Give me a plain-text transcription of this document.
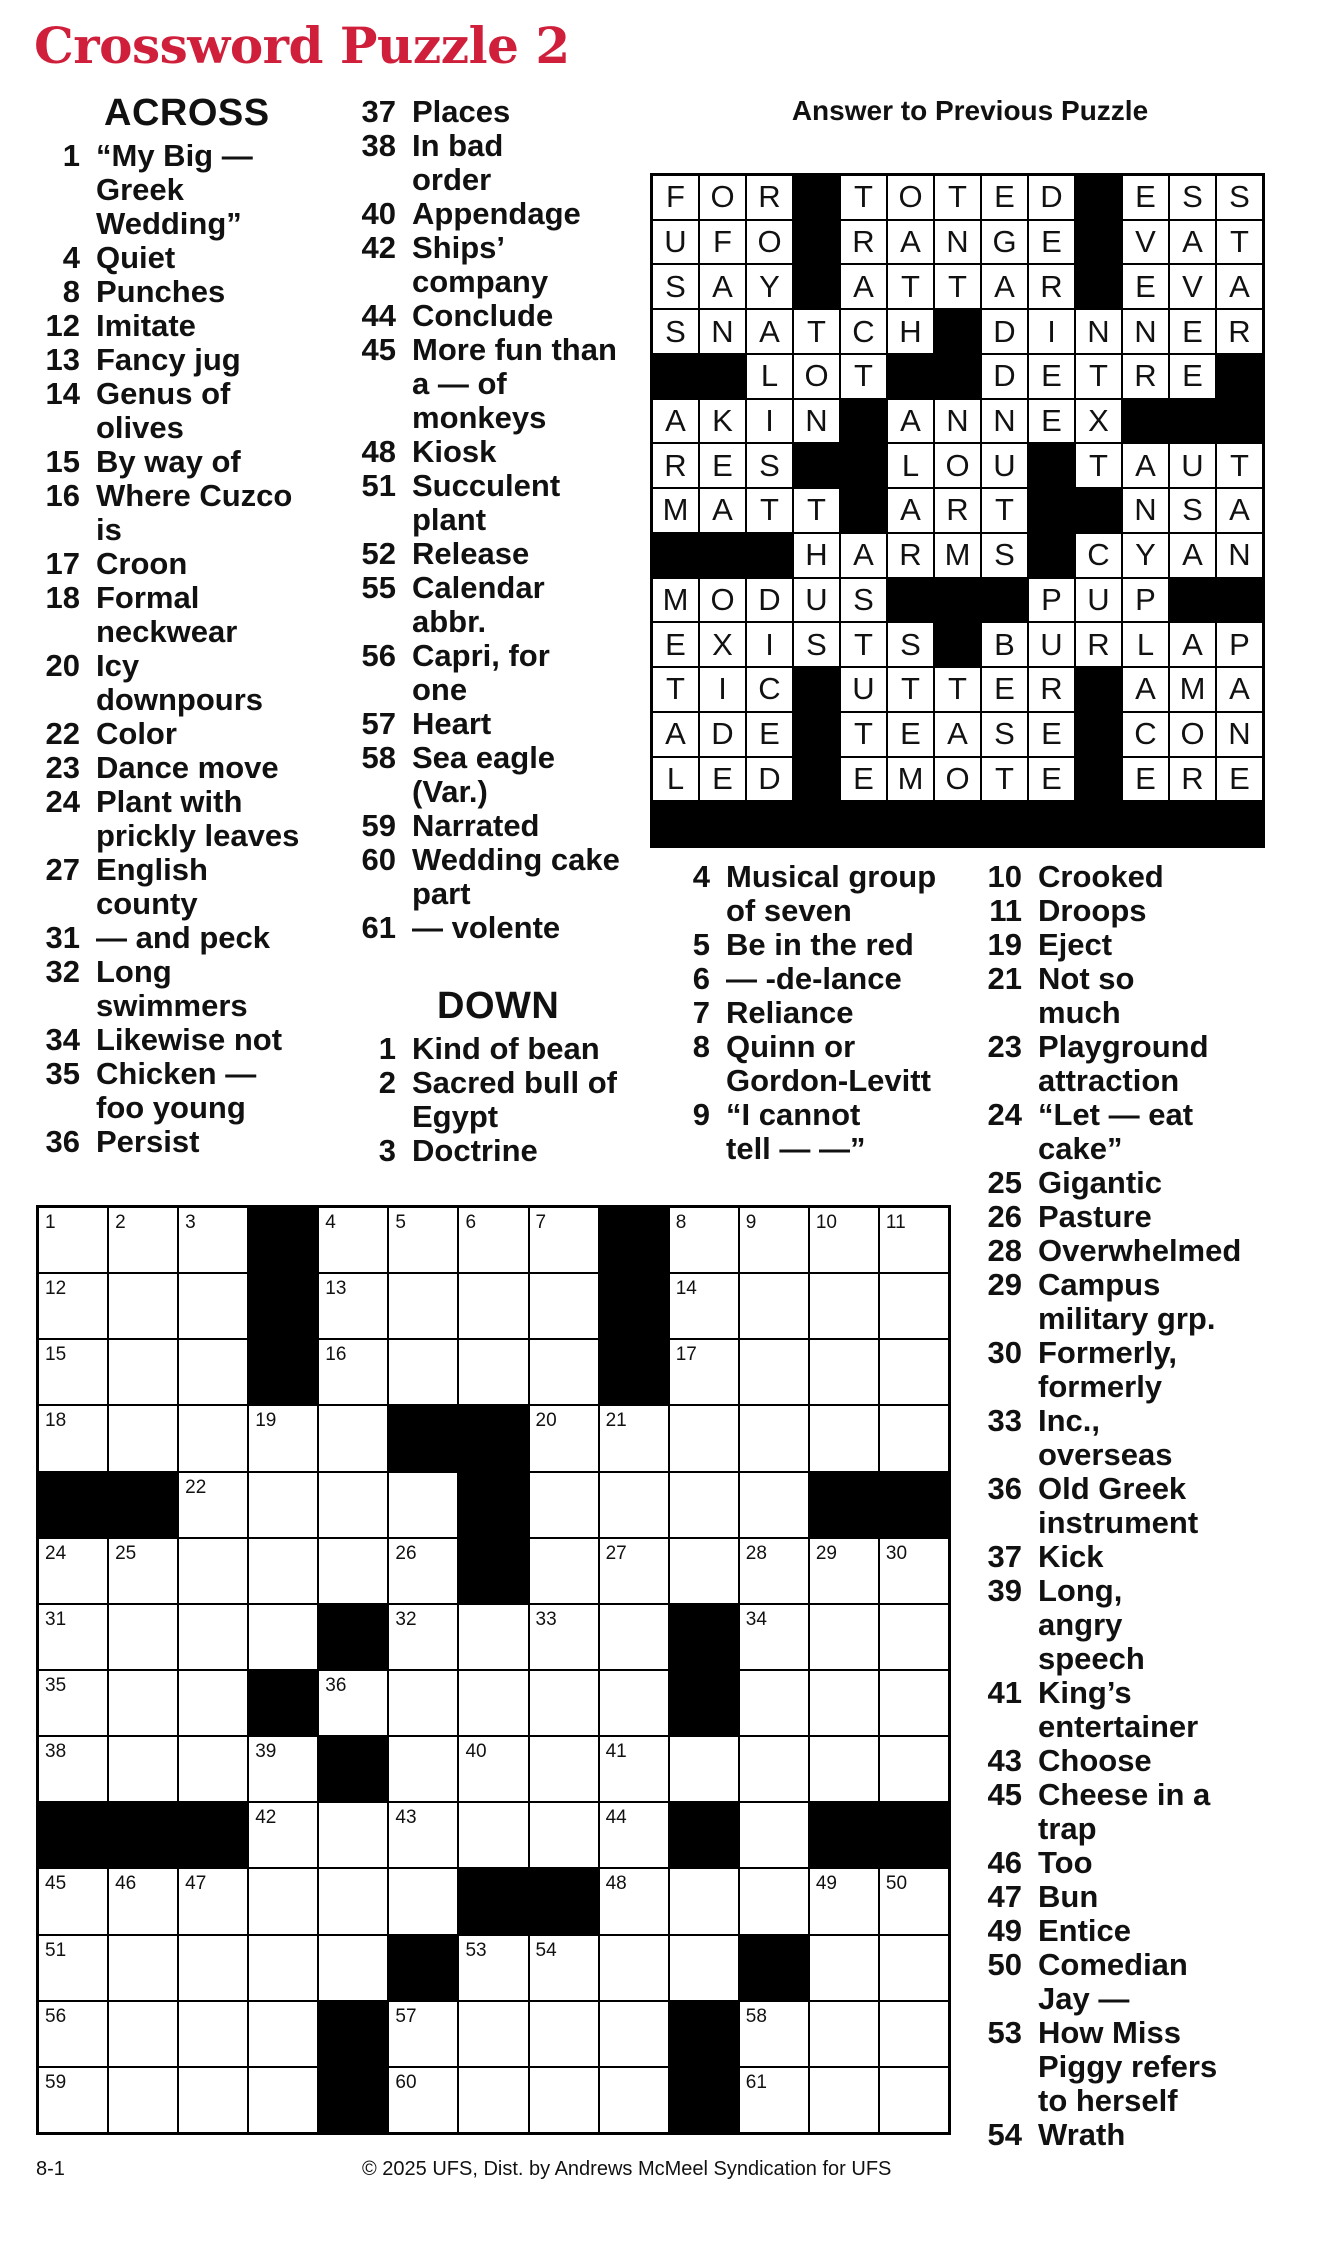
Crossword Puzzle 2
ACROSS
DOWN
Answer to Previous Puzzle
1 “My Big —
Greek
Wedding”
4 Quiet
8 Punches
12 Imitate
13 Fancy jug
14 Genus of
olives
15 By way of
16 Where Cuzco
is
17 Croon
18 Formal
neckwear
20 Icy
downpours
22 Color
23 Dance move
24 Plant with
prickly leaves
27 English
county
31 — and peck
32 Long
swimmers
34 Likewise not
35 Chicken —
foo young
36 Persist
37 Places
38 In bad
order
40 Appendage
42 Ships’
company
44 Conclude
45 More fun than
a — of
monkeys
48 Kiosk
51 Succulent
plant
52 Release
55 Calendar
abbr.
56 Capri, for
one
57 Heart
58 Sea eagle
(Var.)
59 Narrated
60 Wedding cake
part
61 — volente
1 Kind of bean
2 Sacred bull of
Egypt
3 Doctrine
4 Musical group
of seven
5 Be in the red
6 — -de-lance
7 Reliance
8 Quinn or
Gordon-Levitt
9 “I cannot
tell — —”
10 Crooked
11 Droops
19 Eject
21 Not so
much
23 Playground
attraction
24 “Let — eat
cake”
25 Gigantic
26 Pasture
28 Overwhelmed
29 Campus
military grp.
30 Formerly,
formerly
33 Inc.,
overseas
36 Old Greek
instrument
37 Kick
39 Long,
angry
speech
41 King’s
entertainer
43 Choose
45 Cheese in a
trap
46 Too
47 Bun
49 Entice
50 Comedian
Jay —
53 How Miss
Piggy refers
to herself
54 Wrath
F O R	T O T E D	E S S
U F O	R A N G E	V A T
S A Y	A T T A R	E V A
S N A T C H	D	I	N N E R
L O T	D E T R E
A K	I	N	A N N E X
R E S	L O U	T A U T
M A T T	A R T	N S A
H A R M S	C Y A N
M O D U S	P U P
E X	I	S T S	B U R L A P
T	I	C	U T T E R	A M A
A D E	T E A S E	C O N
L E D	E M O T E	E R E
1	2	3	4	5	6	7	8	9	10	11
12	13	14
15	16	17
18	19	20	21
22
24	25	26	27	28	29	30
31	32	33	34
35	36
38	39	40	41
42	43	44
45	46	47	48	49	50
51	53	54
56	57	58
59	60	61
8-1	© 2025 UFS, Dist. by Andrews McMeel Syndication for UFS
